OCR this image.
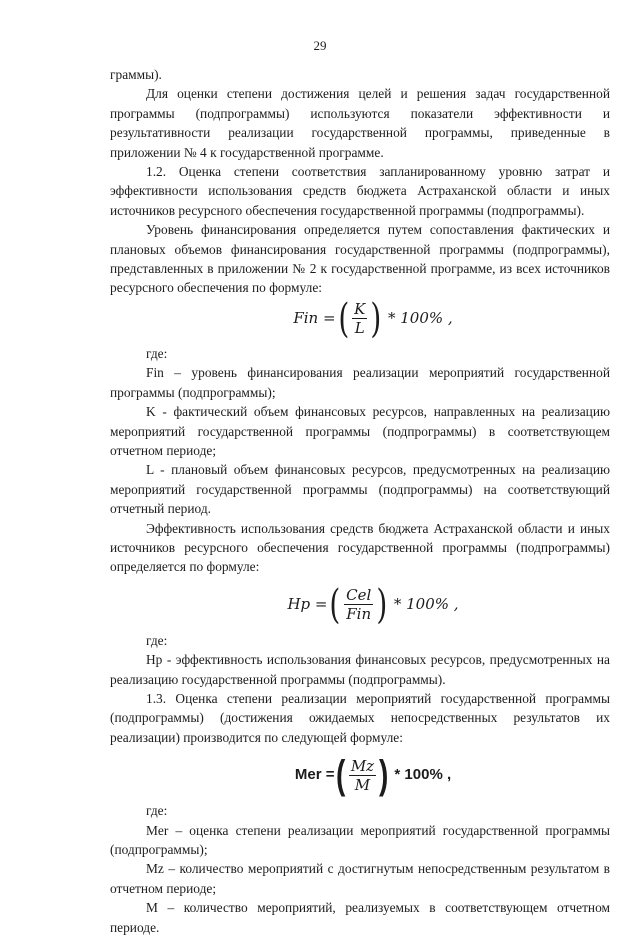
29

граммы).

Для оценки степени достижения целей и решения задач государственной программы (подпрограммы) используются показатели эффективности и результативности реализации государственной программы, приведенные в приложении № 4 к государственной программе.

1.2. Оценка степени соответствия запланированному уровню затрат и эффективности использования средств бюджета Астраханской области и иных источников ресурсного обеспечения государственной программы (подпрограммы).

Уровень финансирования определяется путем сопоставления фактических и плановых объемов финансирования государственной программы (подпрограммы), представленных в приложении № 2 к государственной программе, из всех источников ресурсного обеспечения по формуле:

Fin = ( $\frac{K}{L}$ ) * 100% ,

где:

Fin – уровень финансирования реализации мероприятий государственной программы (подпрограммы);

K - фактический объем финансовых ресурсов, направленных на реализацию мероприятий государственной программы (подпрограммы) в соответствующем отчетном периоде;

L - плановый объем финансовых ресурсов, предусмотренных на реализацию мероприятий государственной программы (подпрограммы) на соответствующий отчетный период.

Эффективность использования средств бюджета Астраханской области и иных источников ресурсного обеспечения государственной программы (подпрограммы) определяется по формуле:

Hp = ( $\frac{\text{Cel}}{\text{Fin}}$ ) * 100% ,

где:

Hp - эффективность использования финансовых ресурсов, предусмотренных на реализацию государственной программы (подпрограммы).

1.3. Оценка степени реализации мероприятий государственной программы (подпрограммы) (достижения ожидаемых непосредственных результатов их реализации) производится по следующей формуле:

Mer = ( $\frac{Mz}{M}$ ) * 100% ,

где:

Mer – оценка степени реализации мероприятий государственной программы (подпрограммы);

Mz – количество мероприятий с достигнутым непосредственным результатом в отчетном периоде;

M – количество мероприятий, реализуемых в соответствующем отчетном периоде.
